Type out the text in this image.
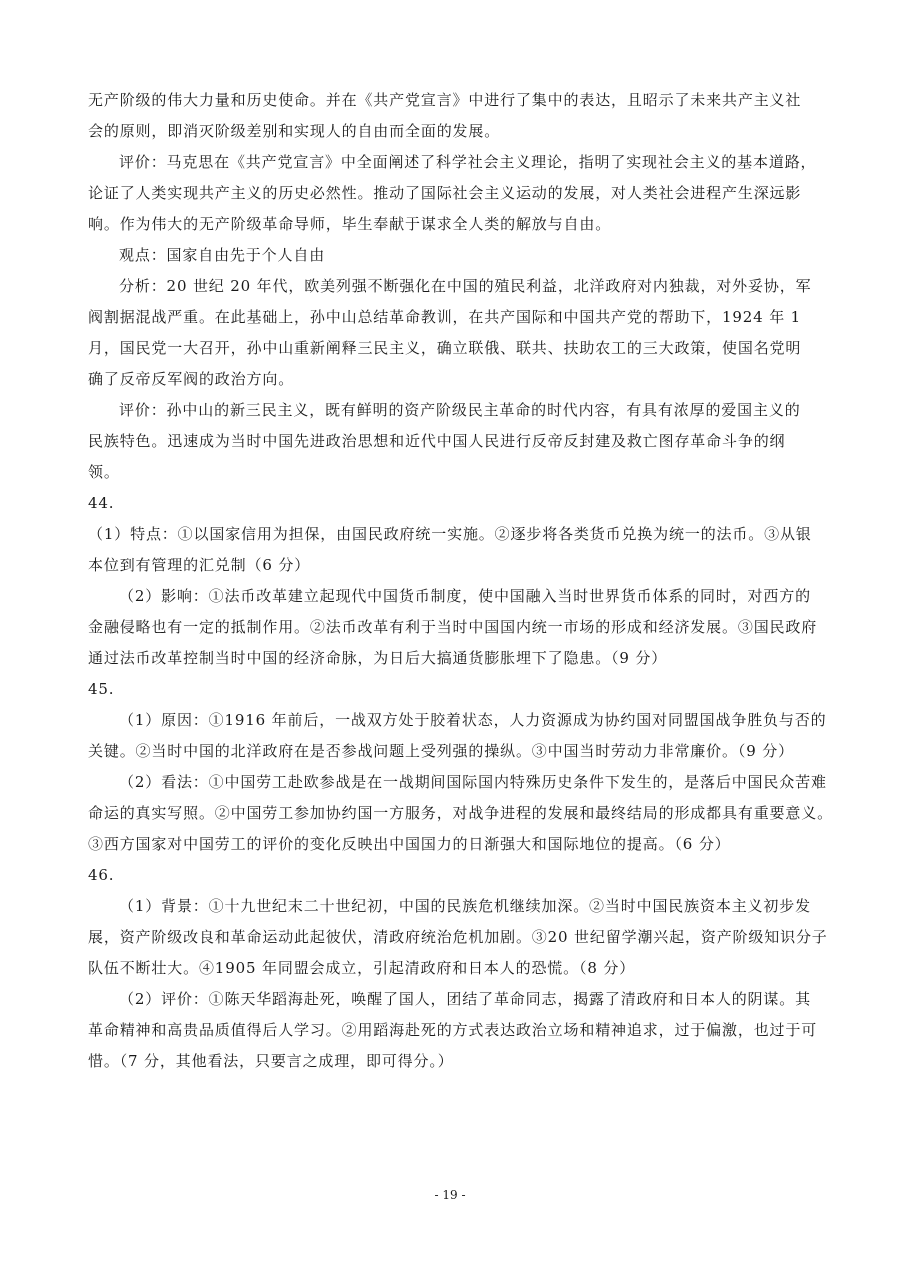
无产阶级的伟大力量和历史使命。并在《共产党宣言》中进行了集中的表达，且昭示了未来共产主义社
会的原则，即消灭阶级差别和实现人的自由而全面的发展。
评价：马克思在《共产党宣言》中全面阐述了科学社会主义理论，指明了实现社会主义的基本道路，
论证了人类实现共产主义的历史必然性。推动了国际社会主义运动的发展，对人类社会进程产生深远影
响。作为伟大的无产阶级革命导师，毕生奉献于谋求全人类的解放与自由。
观点：国家自由先于个人自由
分析：20 世纪 20 年代，欧美列强不断强化在中国的殖民利益，北洋政府对内独裁，对外妥协，军
阀割据混战严重。在此基础上，孙中山总结革命教训，在共产国际和中国共产党的帮助下，1924 年 1
月，国民党一大召开，孙中山重新阐释三民主义，确立联俄、联共、扶助农工的三大政策，使国名党明
确了反帝反军阀的政治方向。
评价：孙中山的新三民主义，既有鲜明的资产阶级民主革命的时代内容，有具有浓厚的爱国主义的
民族特色。迅速成为当时中国先进政治思想和近代中国人民进行反帝反封建及救亡图存革命斗争的纲
领。
44.
（1）特点：①以国家信用为担保，由国民政府统一实施。②逐步将各类货币兑换为统一的法币。③从银
本位到有管理的汇兑制（6 分）
（2）影响：①法币改革建立起现代中国货币制度，使中国融入当时世界货币体系的同时，对西方的
金融侵略也有一定的抵制作用。②法币改革有利于当时中国国内统一市场的形成和经济发展。③国民政府
通过法币改革控制当时中国的经济命脉，为日后大搞通货膨胀埋下了隐患。（9 分）
45.
（1）原因：①1916 年前后，一战双方处于胶着状态，人力资源成为协约国对同盟国战争胜负与否的
关键。②当时中国的北洋政府在是否参战问题上受列强的操纵。③中国当时劳动力非常廉价。（9 分）
（2）看法：①中国劳工赴欧参战是在一战期间国际国内特殊历史条件下发生的，是落后中国民众苦难
命运的真实写照。②中国劳工参加协约国一方服务，对战争进程的发展和最终结局的形成都具有重要意义。
③西方国家对中国劳工的评价的变化反映出中国国力的日渐强大和国际地位的提高。（6 分）
46.
（1）背景：①十九世纪末二十世纪初，中国的民族危机继续加深。②当时中国民族资本主义初步发
展，资产阶级改良和革命运动此起彼伏，清政府统治危机加剧。③20 世纪留学潮兴起，资产阶级知识分子
队伍不断壮大。④1905 年同盟会成立，引起清政府和日本人的恐慌。（8 分）
（2）评价：①陈天华蹈海赴死，唤醒了国人，团结了革命同志，揭露了清政府和日本人的阴谋。其
革命精神和高贵品质值得后人学习。②用蹈海赴死的方式表达政治立场和精神追求，过于偏激，也过于可
惜。（7 分，其他看法，只要言之成理，即可得分。）
- 19 -
